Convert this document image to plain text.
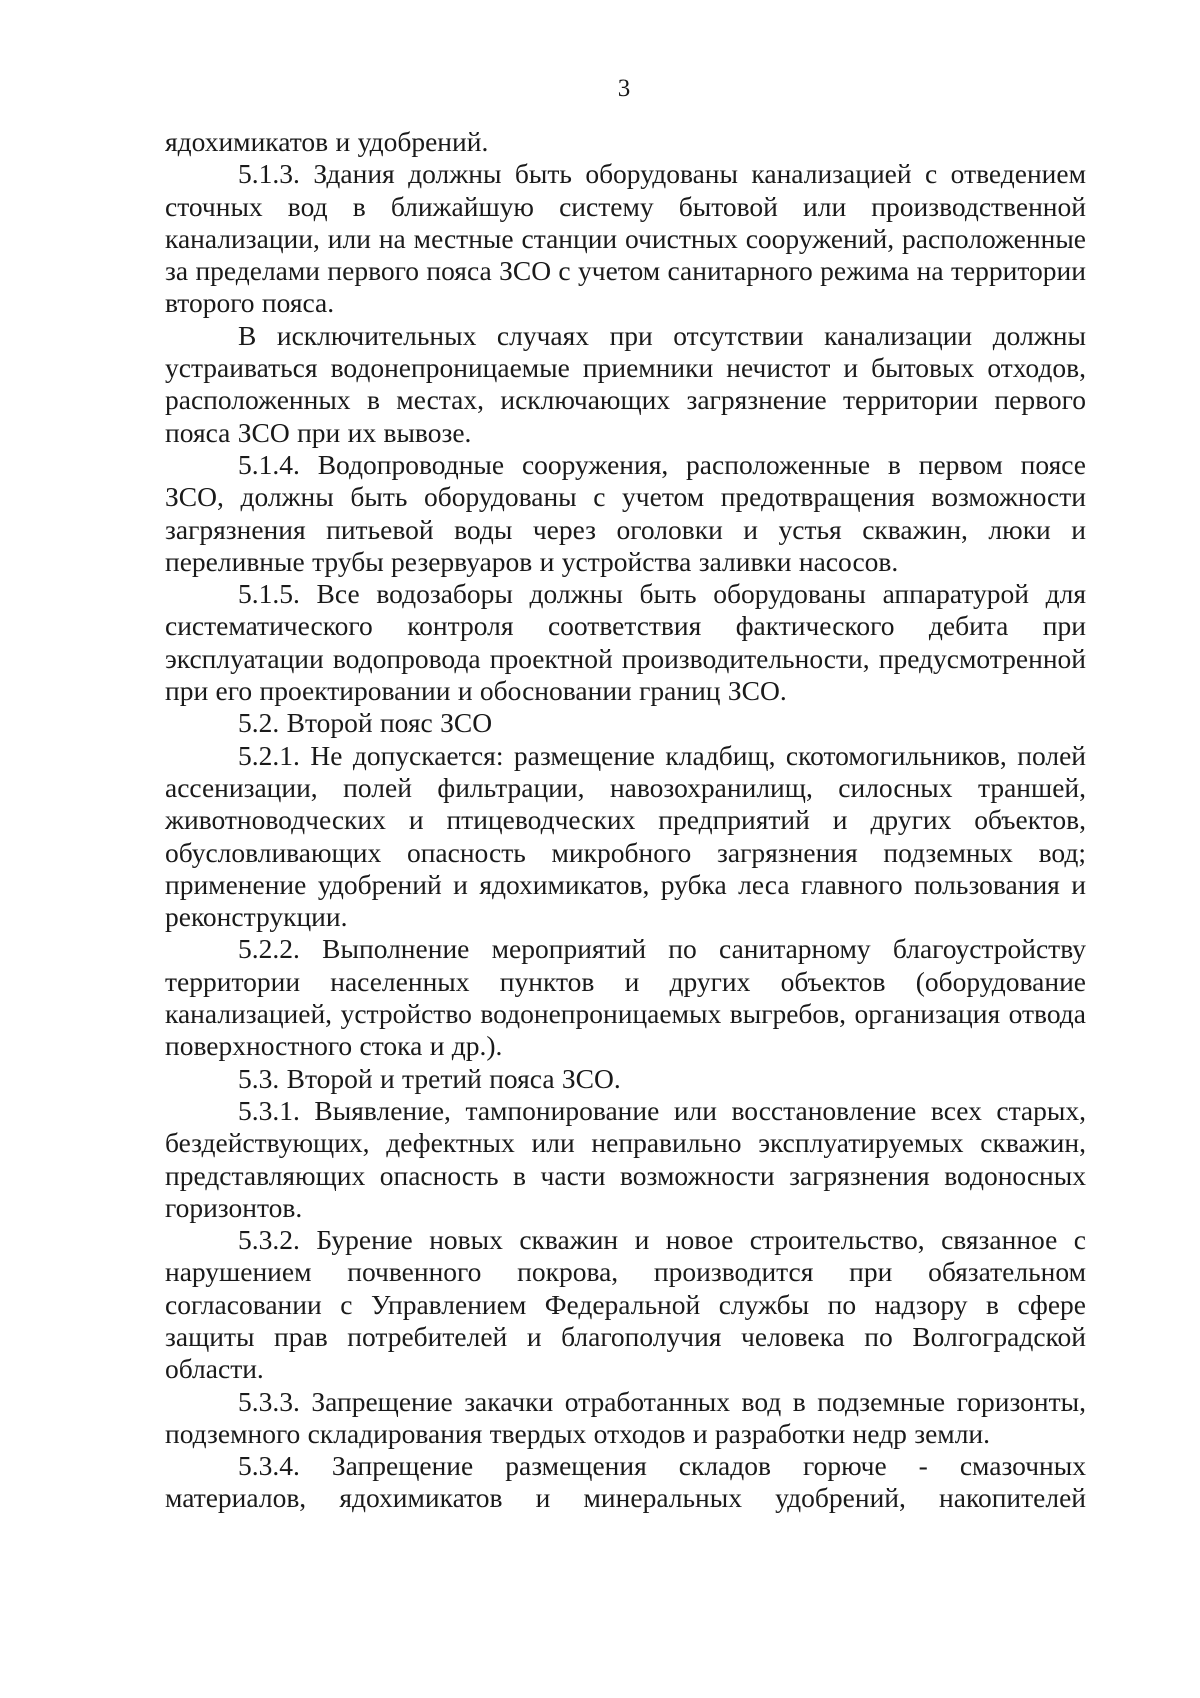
3

ядохимикатов и удобрений.

5.1.3. Здания должны быть оборудованы канализацией с отведением сточных вод в ближайшую систему бытовой или производственной канализации, или на местные станции очистных сооружений, расположенные за пределами первого пояса ЗСО с учетом санитарного режима на территории второго пояса.

В исключительных случаях при отсутствии канализации должны устраиваться водонепроницаемые приемники нечистот и бытовых отходов, расположенных в местах, исключающих загрязнение территории первого пояса ЗСО при их вывозе.

5.1.4. Водопроводные сооружения, расположенные в первом поясе ЗСО, должны быть оборудованы с учетом предотвращения возможности загрязнения питьевой воды через оголовки и устья скважин, люки и переливные трубы резервуаров и устройства заливки насосов.

5.1.5. Все водозаборы должны быть оборудованы аппаратурой для систематического контроля соответствия фактического дебита при эксплуатации водопровода проектной производительности, предусмотренной при его проектировании и обосновании границ ЗСО.

5.2. Второй пояс ЗСО

5.2.1. Не допускается: размещение кладбищ, скотомогильников, полей ассенизации, полей фильтрации, навозохранилищ, силосных траншей, животноводческих и птицеводческих предприятий и других объектов, обусловливающих опасность микробного загрязнения подземных вод; применение удобрений и ядохимикатов, рубка леса главного пользования и реконструкции.

5.2.2. Выполнение мероприятий по санитарному благоустройству территории населенных пунктов и других объектов (оборудование канализацией, устройство водонепроницаемых выгребов, организация отвода поверхностного стока и др.).

5.3. Второй и третий пояса ЗСО.

5.3.1. Выявление, тампонирование или восстановление всех старых, бездействующих, дефектных или неправильно эксплуатируемых скважин, представляющих опасность в части возможности загрязнения водоносных горизонтов.

5.3.2. Бурение новых скважин и новое строительство, связанное с нарушением почвенного покрова, производится при обязательном согласовании с Управлением Федеральной службы по надзору в сфере защиты прав потребителей и благополучия человека по Волгоградской области.

5.3.3. Запрещение закачки отработанных вод в подземные горизонты, подземного складирования твердых отходов и разработки недр земли.

5.3.4. Запрещение размещения складов горюче - смазочных материалов, ядохимикатов и минеральных удобрений, накопителей
